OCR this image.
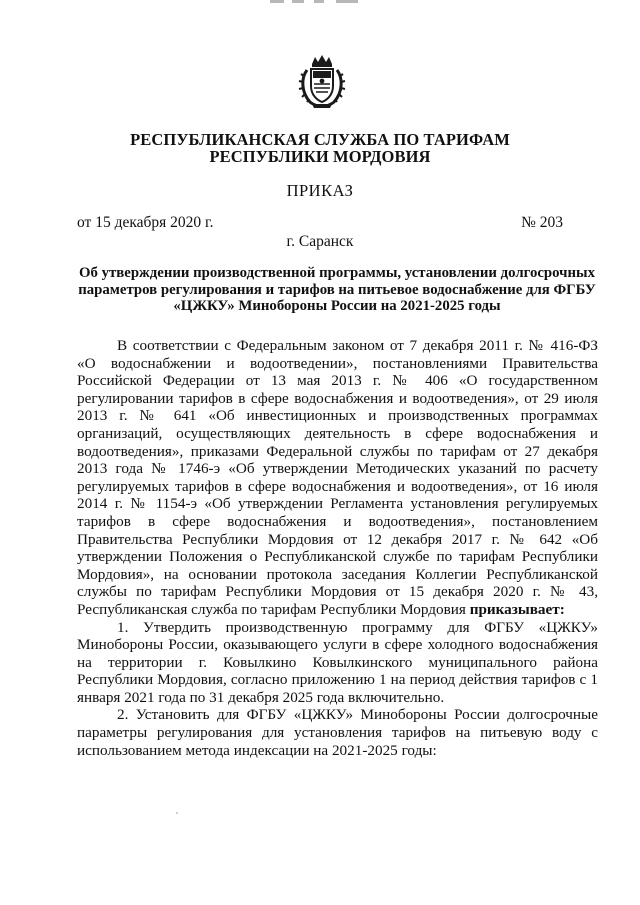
РЕСПУБЛИКАНСКАЯ СЛУЖБА ПО ТАРИФАМ
РЕСПУБЛИКИ МОРДОВИЯ
ПРИКАЗ
от 15 декабря 2020 г.	№ 203
г. Саранск
Об утверждении производственной программы, установлении долгосрочных параметров регулирования и тарифов на питьевое водоснабжение для ФГБУ «ЦЖКУ» Минобороны России на 2021-2025 годы

В соответствии с Федеральным законом от 7 декабря 2011 г. № 416-ФЗ «О водоснабжении и водоотведении», постановлениями Правительства Российской Федерации от 13 мая 2013 г. № 406 «О государственном регулировании тарифов в сфере водоснабжения и водоотведения», от 29 июля 2013 г. № 641 «Об инвестиционных и производственных программах организаций, осуществляющих деятельность в сфере водоснабжения и водоотведения», приказами Федеральной службы по тарифам от 27 декабря 2013 года № 1746-э «Об утверждении Методических указаний по расчету регулируемых тарифов в сфере водоснабжения и водоотведения», от 16 июля 2014 г. № 1154-э «Об утверждении Регламента установления регулируемых тарифов в сфере водоснабжения и водоотведения», постановлением Правительства Республики Мордовия от 12 декабря 2017 г. № 642 «Об утверждении Положения о Республиканской службе по тарифам Республики Мордовия», на основании протокола заседания Коллегии Республиканской службы по тарифам Республики Мордовия от 15 декабря 2020 г. № 43, Республиканская служба по тарифам Республики Мордовия приказывает:

1. Утвердить производственную программу для ФГБУ «ЦЖКУ» Минобороны России, оказывающего услуги в сфере холодного водоснабжения на территории г. Ковылкино Ковылкинского муниципального района Республики Мордовия, согласно приложению 1 на период действия тарифов с 1 января 2021 года по 31 декабря 2025 года включительно.

2. Установить для ФГБУ «ЦЖКУ» Минобороны России долгосрочные параметры регулирования для установления тарифов на питьевую воду с использованием метода индексации на 2021-2025 годы:
